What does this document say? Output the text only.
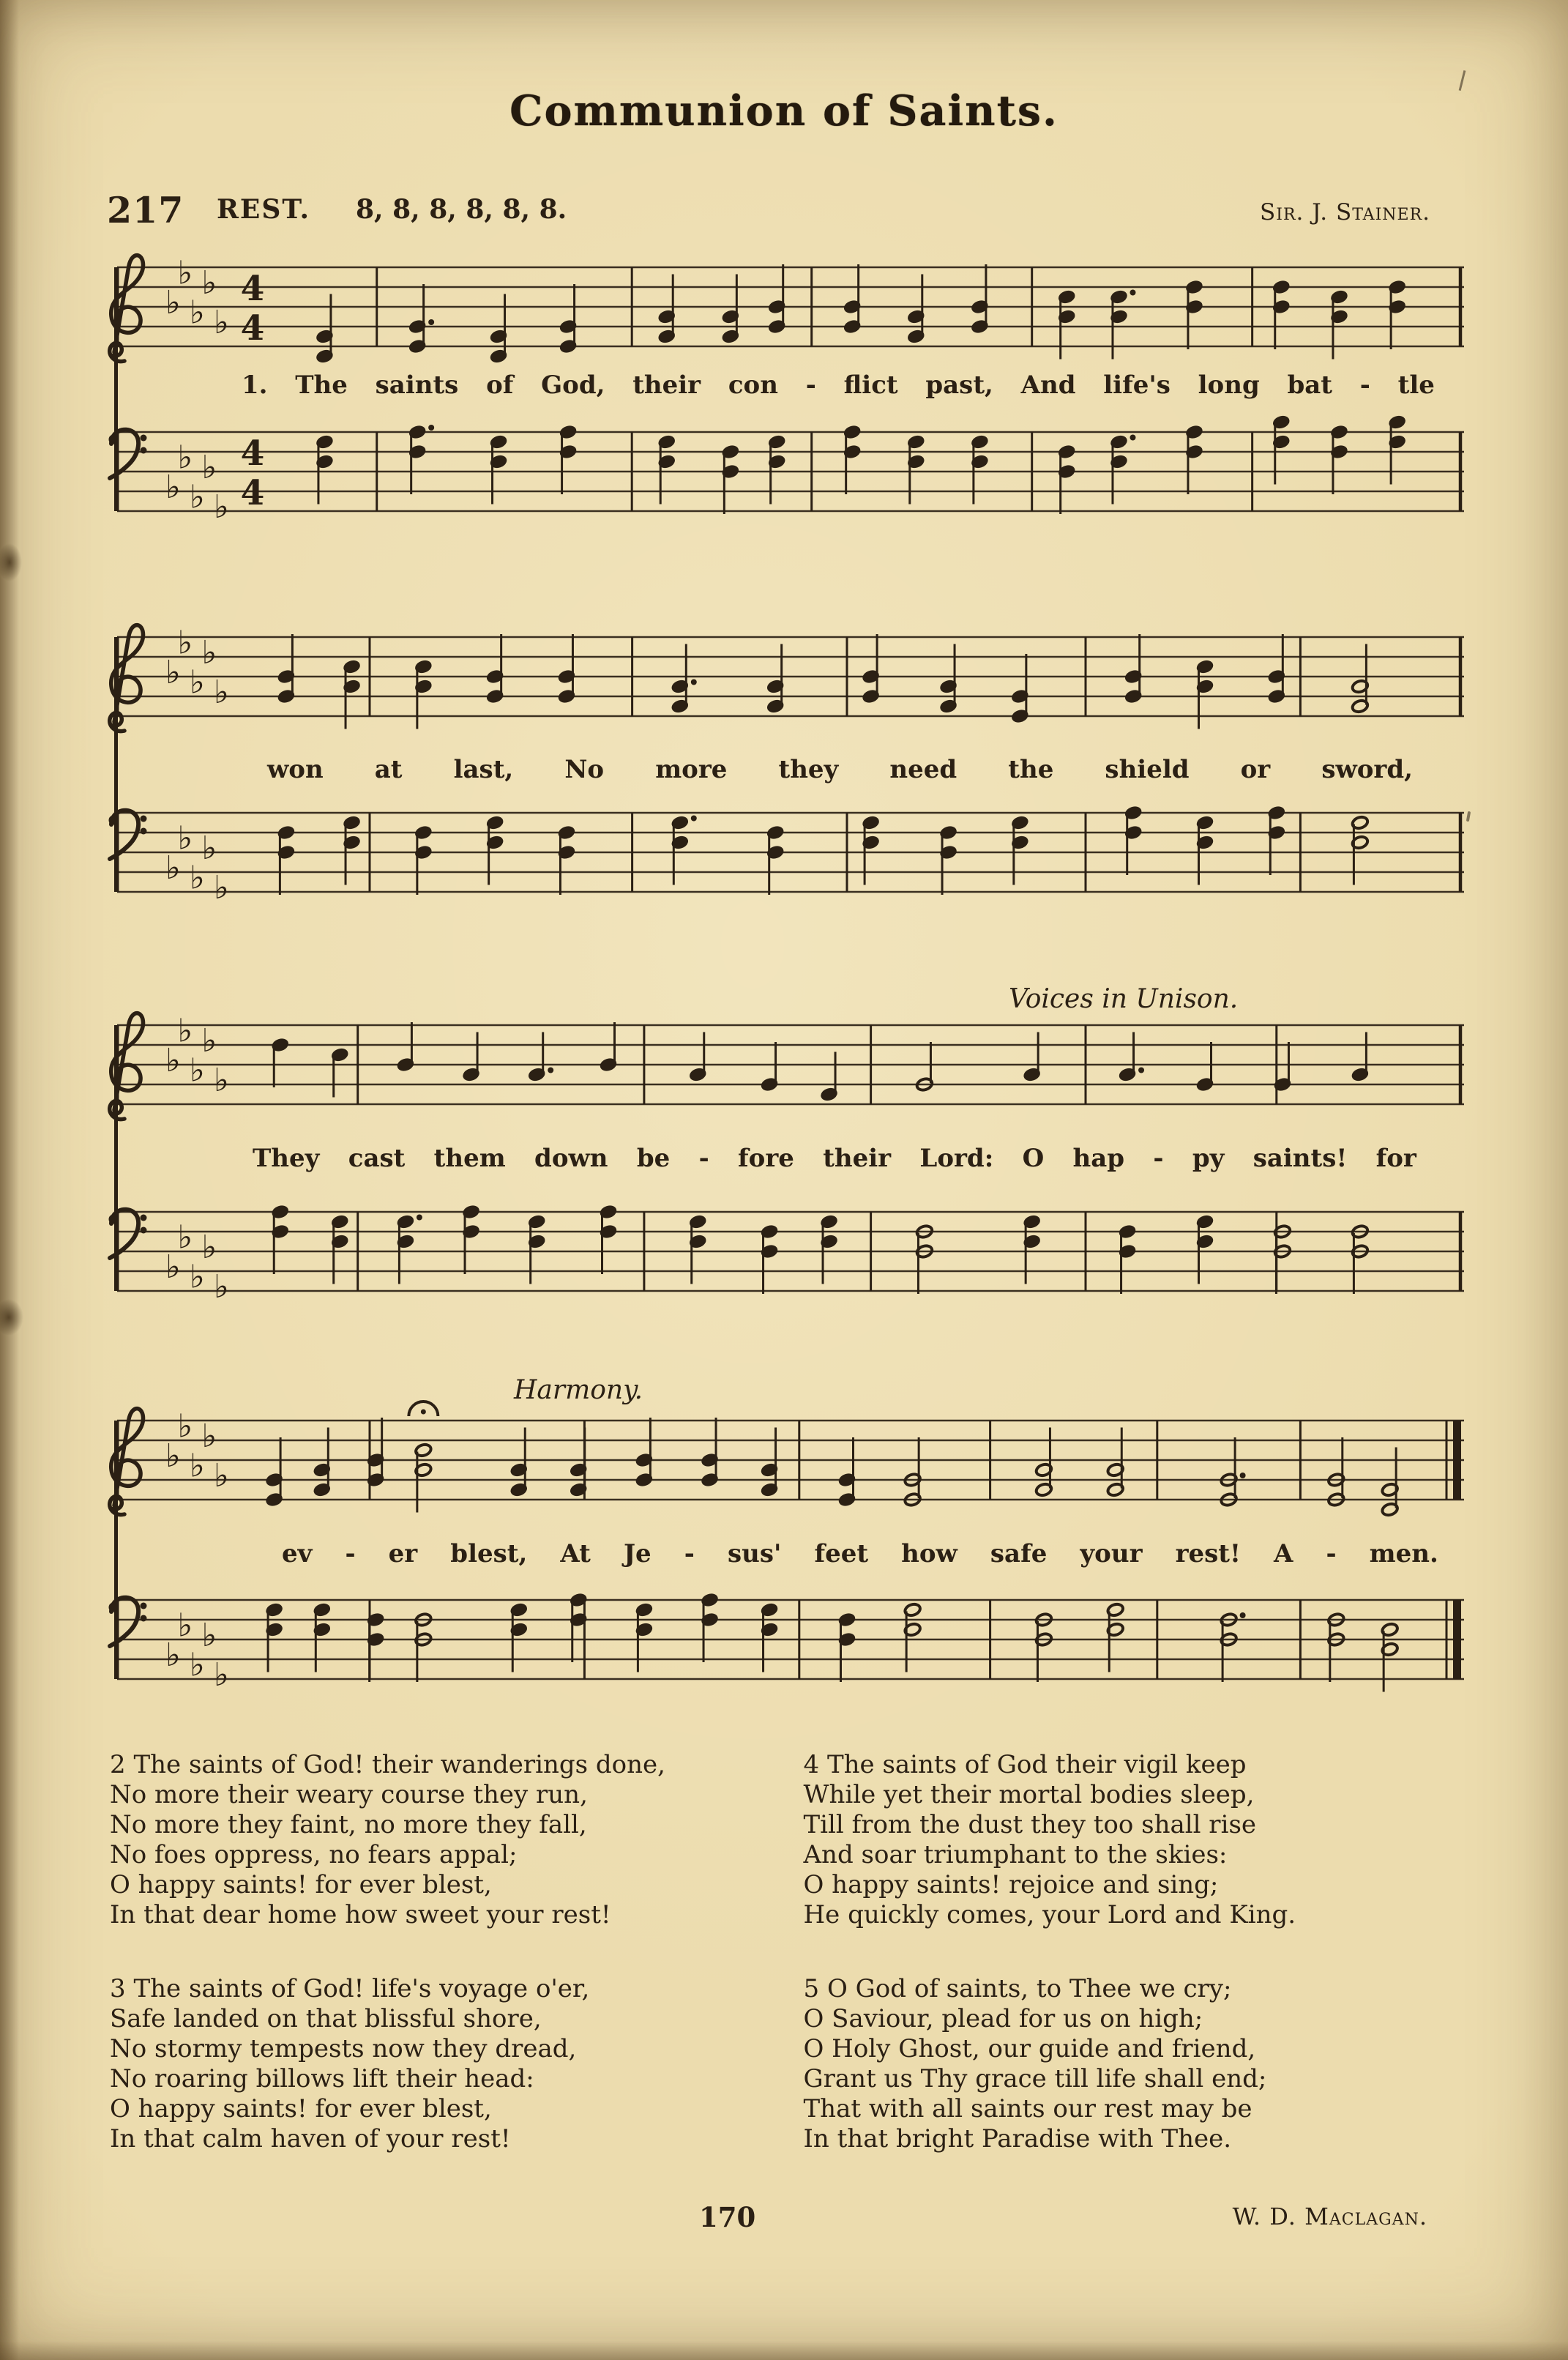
Communion of Saints.
217 REST. 8, 8, 8, 8, 8, 8.	Sir. J. Stainer.
♭
♭
♭
♭
♭
4
4
1. The saints of God, their con - flict past, And life's long bat - tle
♭
♭
♭
♭
♭
4
4
♭
♭
♭
♭
♭
won at last, No more they need the shield or sword,
♭
♭
♭
♭
♭
Voices in Unison.
♭
♭
♭
♭
♭
They cast them down be - fore their Lord: O hap - py saints! for
♭
♭
♭
♭
♭
Harmony.
♭
♭
♭
♭
♭
ev - er blest, At Je - sus' feet how safe your rest! A - men.
♭
♭
♭
♭
♭

2 The saints of God! their wanderings done,

No more their weary course they run,

No more they faint, no more they fall,

No foes oppress, no fears appal;

O happy saints! for ever blest,

In that dear home how sweet your rest!

3 The saints of God! life's voyage o'er,

Safe landed on that blissful shore,

No stormy tempests now they dread,

No roaring billows lift their head:

O happy saints! for ever blest,

In that calm haven of your rest!

4 The saints of God their vigil keep

While yet their mortal bodies sleep,

Till from the dust they too shall rise

And soar triumphant to the skies:

O happy saints! rejoice and sing;

He quickly comes, your Lord and King.

5 O God of saints, to Thee we cry;

O Saviour, plead for us on high;

O Holy Ghost, our guide and friend,

Grant us Thy grace till life shall end;

That with all saints our rest may be

In that bright Paradise with Thee.

170	W. D. Maclagan.
